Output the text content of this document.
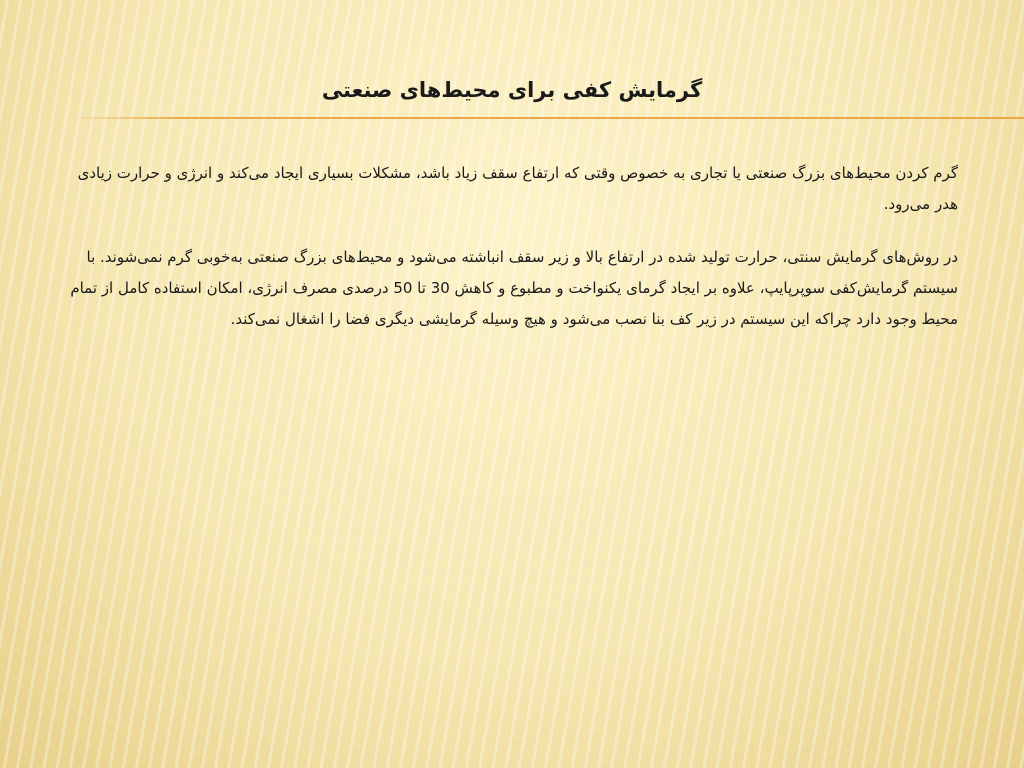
گرمایش کفی برای محیط‌های صنعتی

گرم کردن محیط‌های بزرگ صنعتی یا تجاری به خصوص وقتی که ارتفاع سقف زیاد باشد، مشکلات بسیاری ایجاد می‌کند و انرژی و حرارت زیادی هدر می‌رود.

در روش‌های گرمایش سنتی، حرارت تولید شده در ارتفاع بالا و زیر سقف انباشته می‌شود و محیط‌های بزرگ صنعتی به‌خوبی گرم نمی‌شوند. با سیستم گرمایش‌کفی سوپرپایپ، علاوه بر ایجاد گرمای یکنواخت و مطبوع و کاهش 30 تا 50 درصدی مصرف انرژی، امکان استفاده کامل از تمام محیط وجود دارد چراکه این سیستم در زیر کف بنا نصب می‌شود و هیچ وسیله گرمایشی دیگری فضا را اشغال نمی‌کند.
